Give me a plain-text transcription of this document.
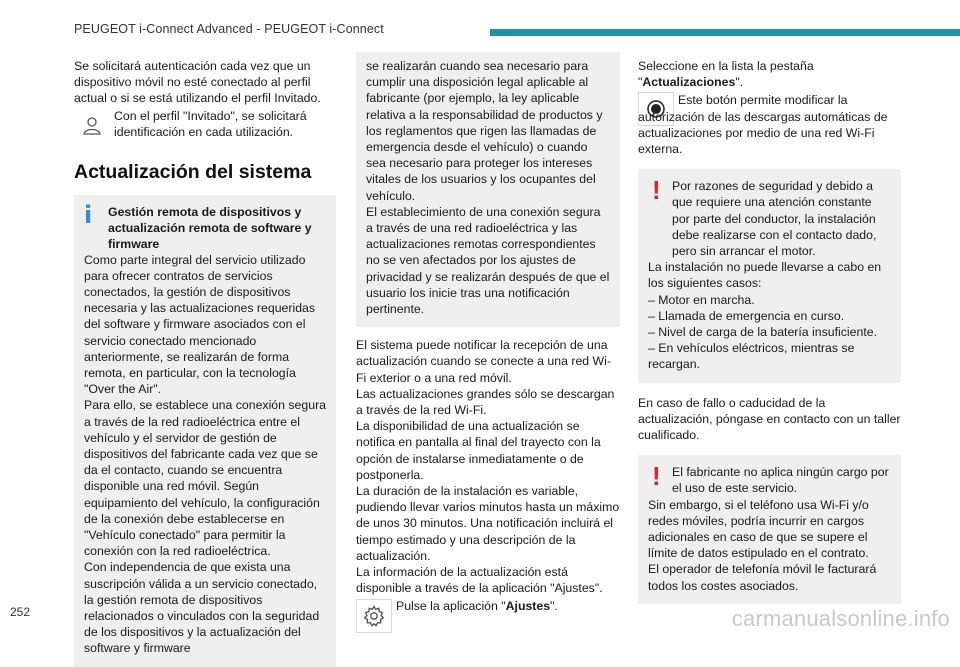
PEUGEOT i-Connect Advanced - PEUGEOT i-Connect

Se solicitará autenticación cada vez que un dispositivo móvil no esté conectado al perfil actual o si se está utilizando el perfil Invitado.

Con el perfil "Invitado", se solicitará identificación en cada utilización.

Actualización del sistema
i	Gestión remota de dispositivos y actualización remota de software y firmware

Como parte integral del servicio utilizado para ofrecer contratos de servicios conectados, la gestión de dispositivos necesaria y las actualizaciones requeridas del software y firmware asociados con el servicio conectado mencionado anteriormente, se realizarán de forma remota, en particular, con la tecnología "Over the Air".

Para ello, se establece una conexión segura a través de la red radioeléctrica entre el vehículo y el servidor de gestión de dispositivos del fabricante cada vez que se da el contacto, cuando se encuentra disponible una red móvil. Según equipamiento del vehículo, la configuración de la conexión debe establecerse en "Vehículo conectado" para permitir la conexión con la red radioeléctrica.

Con independencia de que exista una suscripción válida a un servicio conectado, la gestión remota de dispositivos relacionados o vinculados con la seguridad de los dispositivos y la actualización del software y firmware

se realizarán cuando sea necesario para cumplir una disposición legal aplicable al fabricante (por ejemplo, la ley aplicable relativa a la responsabilidad de productos y los reglamentos que rigen las llamadas de emergencia desde el vehículo) o cuando sea necesario para proteger los intereses vitales de los usuarios y los ocupantes del vehículo.

El establecimiento de una conexión segura a través de una red radioeléctrica y las actualizaciones remotas correspondientes no se ven afectados por los ajustes de privacidad y se realizarán después de que el usuario los inicie tras una notificación pertinente.

El sistema puede notificar la recepción de una actualización cuando se conecte a una red Wi-Fi exterior o a una red móvil.

Las actualizaciones grandes sólo se descargan a través de la red Wi-Fi.

La disponibilidad de una actualización se notifica en pantalla al final del trayecto con la opción de instalarse inmediatamente o de postponerla.

La duración de la instalación es variable, pudiendo llevar varios minutos hasta un máximo de unos 30 minutos. Una notificación incluirá el tiempo estimado y una descripción de la actualización.

La información de la actualización está disponible a través de la aplicación "Ajustes".

Pulse la aplicación "Ajustes".

Seleccione en la lista la pestaña "Actualizaciones".

Este botón permite modificar la autorización de las descargas automáticas de actualizaciones por medio de una red Wi-Fi externa.

! Por razones de seguridad y debido a que requiere una atención constante por parte del conductor, la instalación debe realizarse con el contacto dado, pero sin arrancar el motor.

La instalación no puede llevarse a cabo en los siguientes casos:

– Motor en marcha.

– Llamada de emergencia en curso.

– Nivel de carga de la batería insuficiente.

– En vehículos eléctricos, mientras se recargan.

En caso de fallo o caducidad de la actualización, póngase en contacto con un taller cualificado.

! El fabricante no aplica ningún cargo por el uso de este servicio.

Sin embargo, si el teléfono usa Wi-Fi y/o redes móviles, podría incurrir en cargos adicionales en caso de que se supere el límite de datos estipulado en el contrato.

El operador de telefonía móvil le facturará todos los costes asociados.

252	carmanualsonline.info
